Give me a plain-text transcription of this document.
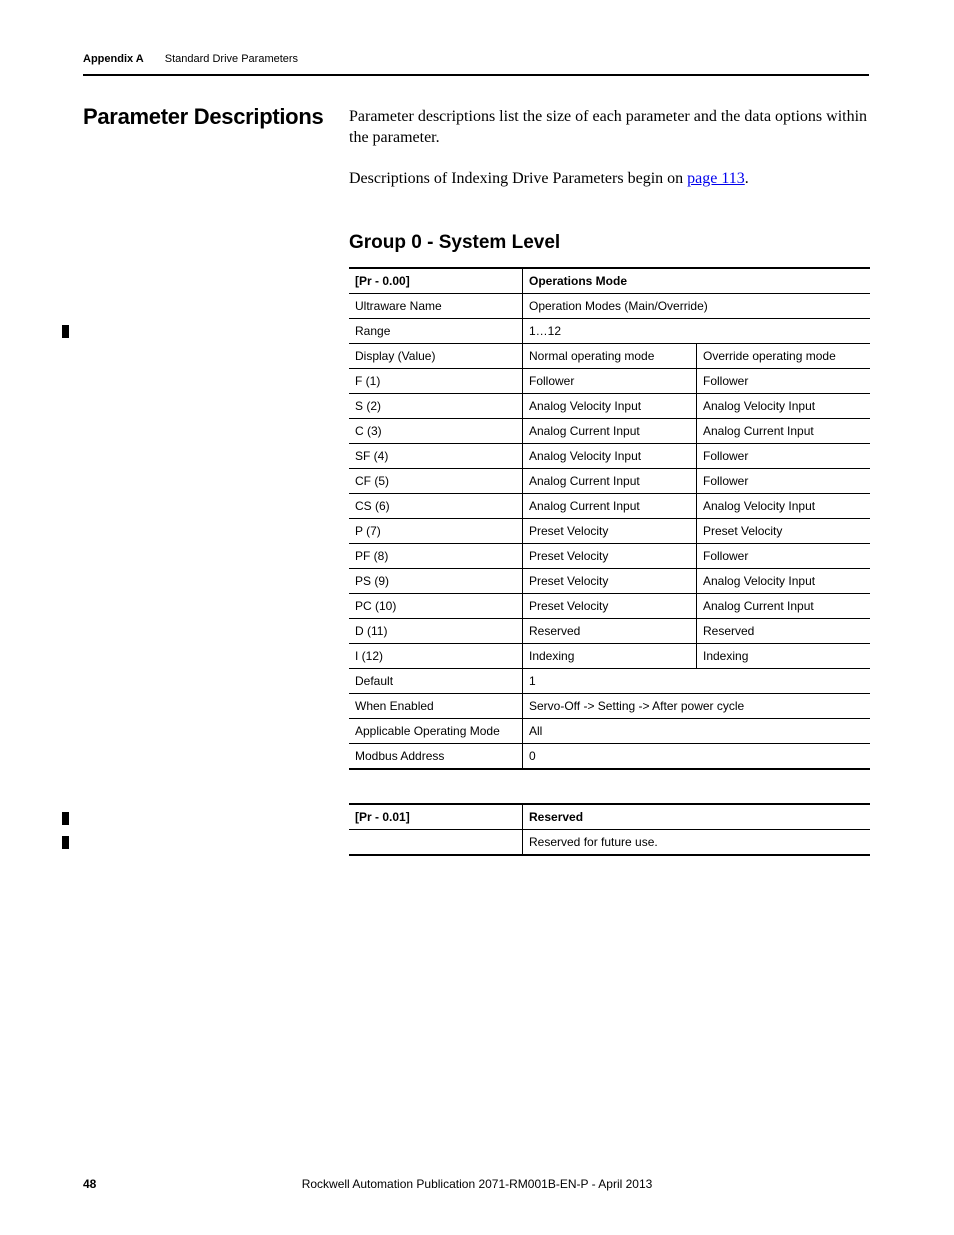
Appendix A Standard Drive Parameters
Parameter Descriptions Parameter descriptions list the size of each parameter and the data options within the parameter.

Descriptions of Indexing Drive Parameters begin on page 113.

Group 0 - System Level
[Pr - 0.00]	Operations Mode	
Ultraware Name	Operation Modes (Main/Override)	
Range	1…12	
Display (Value)	Normal operating mode	Override operating mode
F (1)	Follower	Follower
S (2)	Analog Velocity Input	Analog Velocity Input
C (3)	Analog Current Input	Analog Current Input
SF (4)	Analog Velocity Input	Follower
CF (5)	Analog Current Input	Follower
CS (6)	Analog Current Input	Analog Velocity Input
P (7)	Preset Velocity	Preset Velocity
PF (8)	Preset Velocity	Follower
PS (9)	Preset Velocity	Analog Velocity Input
PC (10)	Preset Velocity	Analog Current Input
D (11)	Reserved	Reserved
I (12)	Indexing	Indexing
Default	1	
When Enabled	Servo-Off -> Setting -> After power cycle	
Applicable Operating Mode	All	
Modbus Address	0	
[Pr - 0.01]	Reserved
	Reserved for future use.
48	Rockwell Automation Publication 2071-RM001B-EN-P - April 2013
